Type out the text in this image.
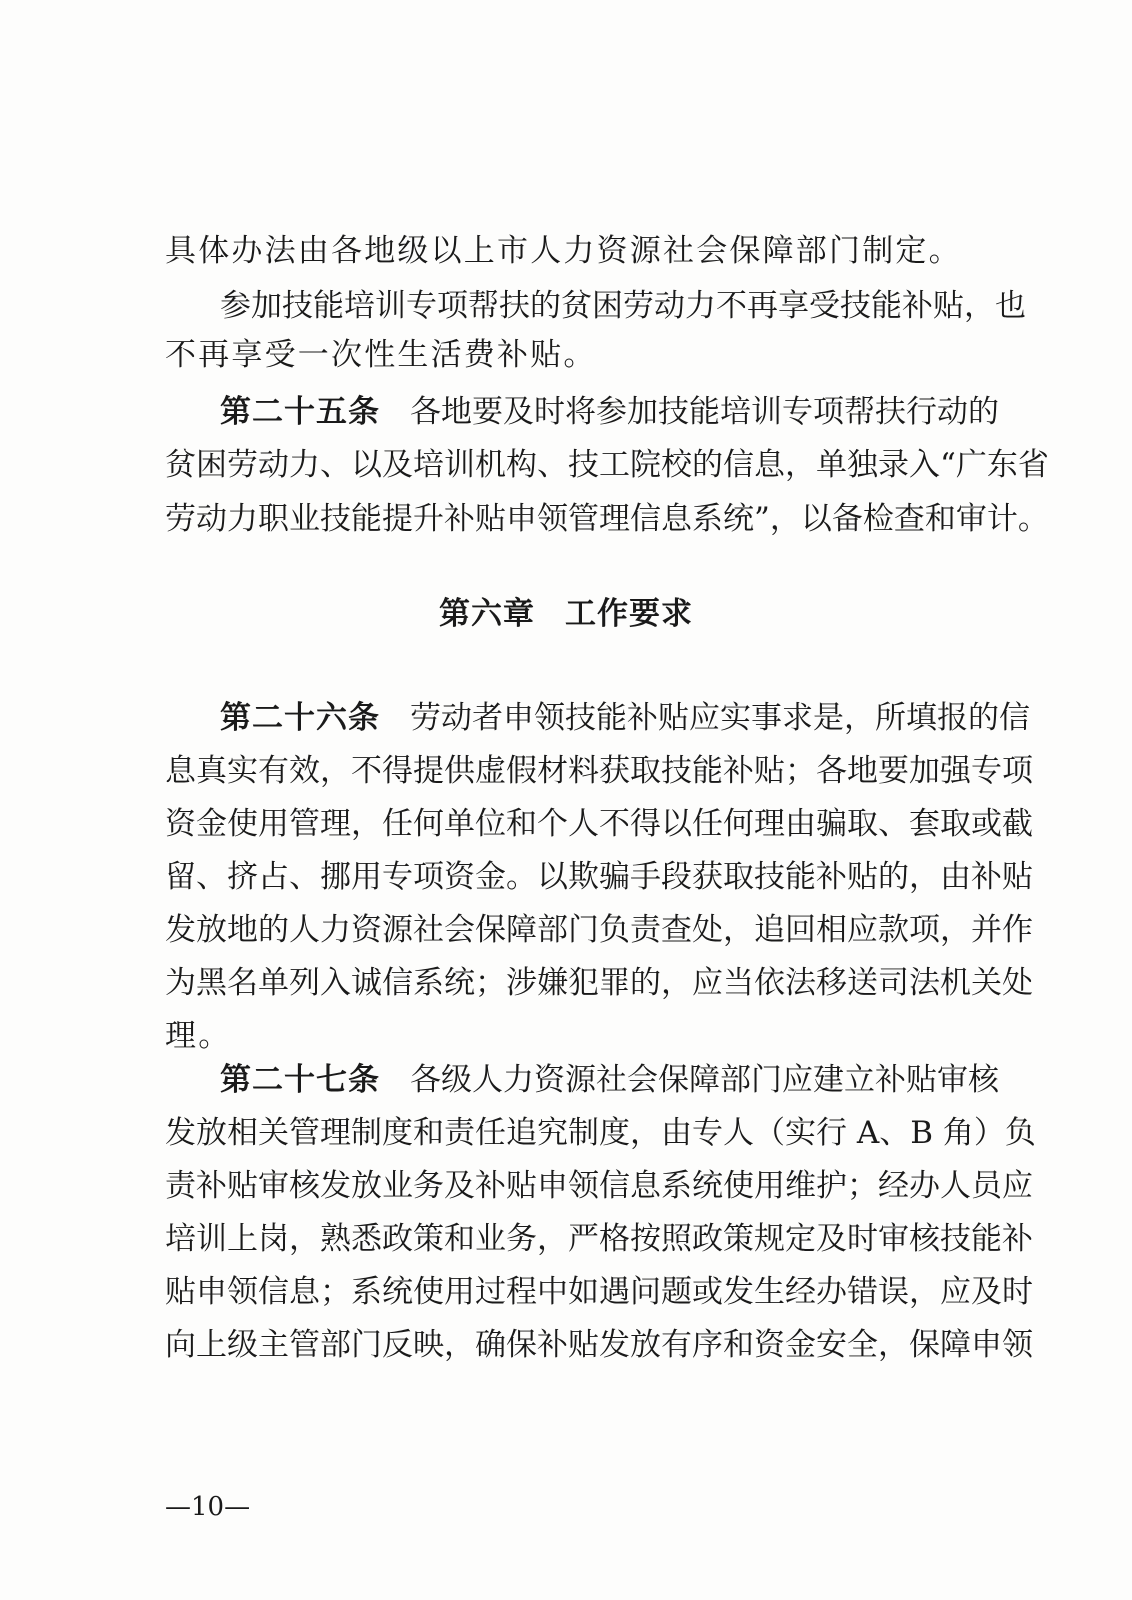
具体办法由各地级以上市人力资源社会保障部门制定。
参加技能培训专项帮扶的贫困劳动力不再享受技能补贴，也
不再享受一次性生活费补贴。
第二十五条 各地要及时将参加技能培训专项帮扶行动的
贫困劳动力、以及培训机构、技工院校的信息，单独录入“广东省
劳动力职业技能提升补贴申领管理信息系统”，以备检查和审计。
第六章 工作要求
第二十六条 劳动者申领技能补贴应实事求是，所填报的信
息真实有效，不得提供虚假材料获取技能补贴；各地要加强专项
资金使用管理，任何单位和个人不得以任何理由骗取、套取或截
留、挤占、挪用专项资金。以欺骗手段获取技能补贴的，由补贴
发放地的人力资源社会保障部门负责查处，追回相应款项，并作
为黑名单列入诚信系统；涉嫌犯罪的，应当依法移送司法机关处
理。
第二十七条 各级人力资源社会保障部门应建立补贴审核
发放相关管理制度和责任追究制度，由专人（实行 A、B 角）负
责补贴审核发放业务及补贴申领信息系统使用维护；经办人员应
培训上岗，熟悉政策和业务，严格按照政策规定及时审核技能补
贴申领信息；系统使用过程中如遇问题或发生经办错误，应及时
向上级主管部门反映，确保补贴发放有序和资金安全，保障申领
—10—
